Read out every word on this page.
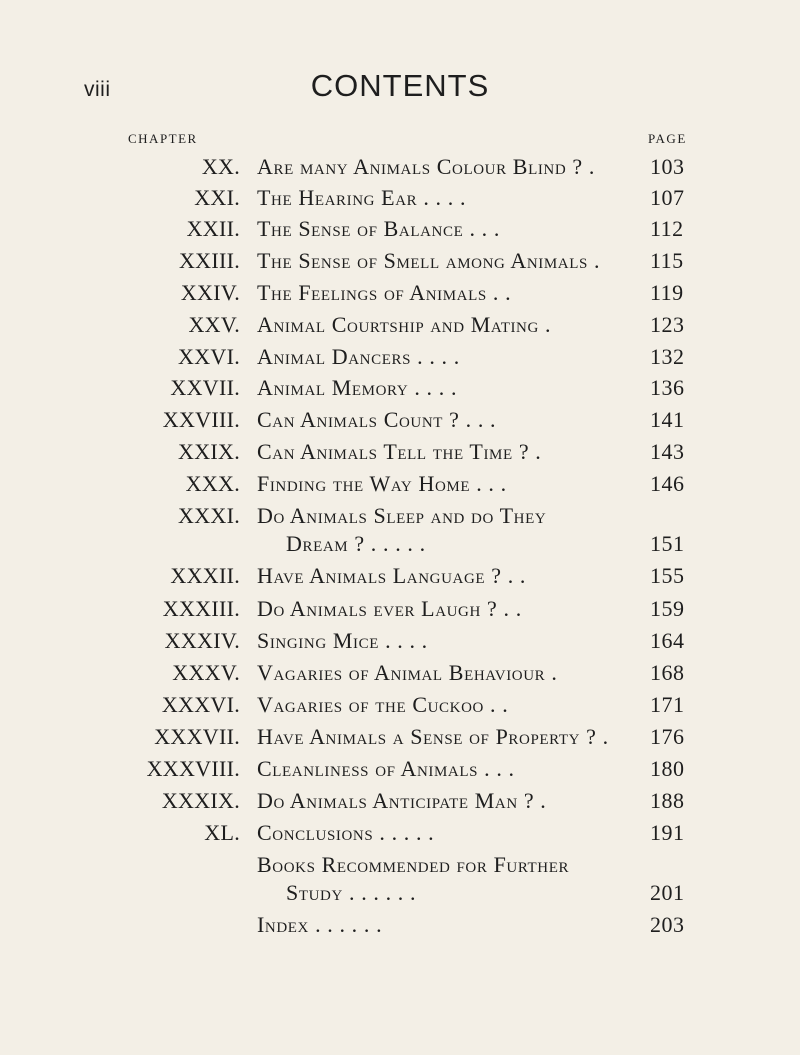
viii	CONTENTS
CHAPTER	PAGE
XX. Are many Animals Colour Blind ? .	103
XXI. The Hearing Ear . . . .	107
XXII. The Sense of Balance . . .	112
XXIII. The Sense of Smell among Animals . 115
XXIV. The Feelings of Animals . .	119
XXV. Animal Courtship and Mating .	123
XXVI. Animal Dancers . . . .	132
XXVII. Animal Memory . . . .	136
XXVIII. Can Animals Count ? . . .	141
XXIX. Can Animals Tell the Time ? .	143
XXX. Finding the Way Home . . .	146
XXXI. Do Animals Sleep and do They
Dream ? . . . . .	151
XXXII. Have Animals Language ? . .	155
XXXIII. Do Animals ever Laugh ? . .	159
XXXIV. Singing Mice . . . .	164
XXXV. Vagaries of Animal Behaviour .	168
XXXVI. Vagaries of the Cuckoo . .	171
XXXVII. Have Animals a Sense of Property ? . 176
XXXVIII. Cleanliness of Animals . . .	180
XXXIX. Do Animals Anticipate Man ? .	188
XL. Conclusions . . . . .	191
Books Recommended for Further
Study . . . . . .	201
Index . . . . . .	203
